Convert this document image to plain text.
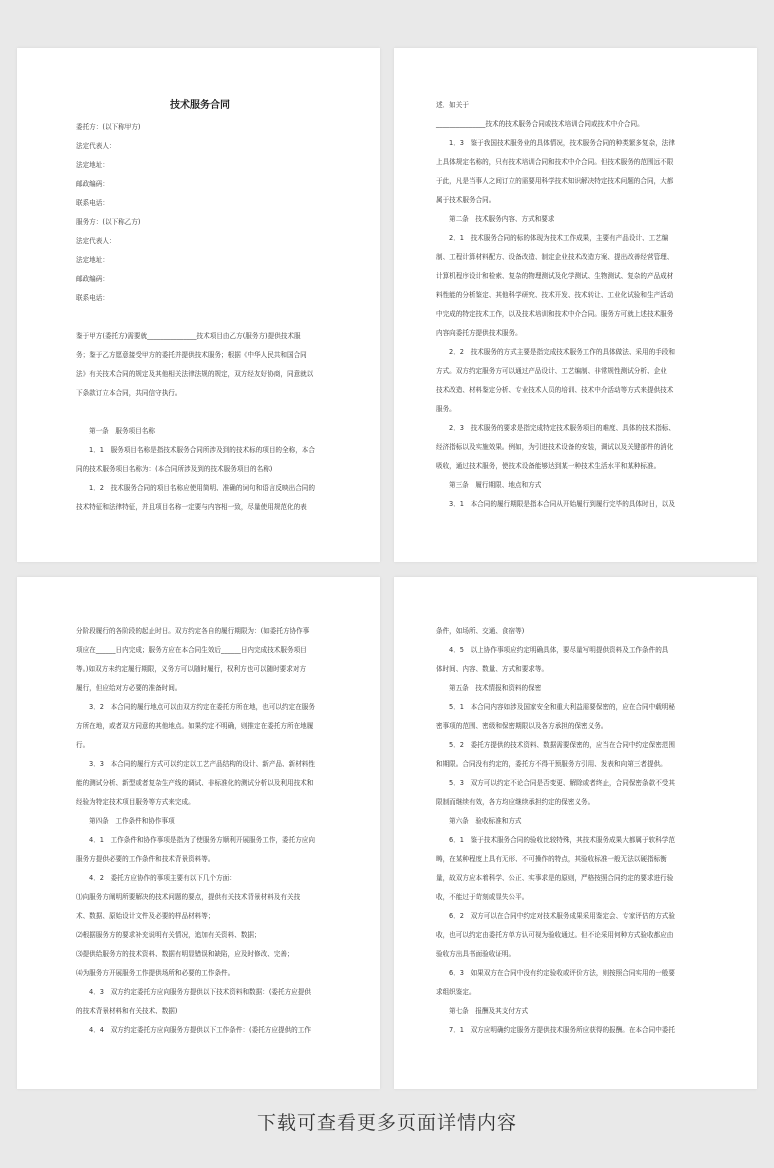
技术服务合同

委托方：(以下称甲方)

法定代表人：

法定地址：

邮政编码：

联系电话：

服务方：(以下称乙方)

法定代表人：

法定地址：

邮政编码：

联系电话：

鉴于甲方(委托方)需要就_______________技术项目由乙方(服务方)提供技术服

务；鉴于乙方愿意接受甲方的委托并提供技术服务；根据《中华人民共和国合同

法》有关技术合同的规定及其他相关法律法规的规定，双方经友好协商，同意就以

下条款订立本合同，共同信守执行。

第一条　服务项目名称

1．1　服务项目名称是指技术服务合同所涉及到的技术标的项目的全称，本合

同的技术服务项目名称为：(本合同所涉及到的技术服务项目的名称)

1．2　技术服务合同的项目名称应使用简明、准确的词句和语言反映出合同的

技术特征和法律特征，并且项目名称一定要与内容相一致，尽量使用规范化的表

述．如关于

_______________技术的技术服务合同或技术培训合同或技术中介合同。

1．3　鉴于我国技术服务业的具体情况，技术服务合同的种类繁多复杂，法律

上具体规定名称的，只有技术培训合同和技术中介合同。但技术服务的范围远不限

于此，凡是当事人之间订立的需要用科学技术知识解决特定技术问题的合同，大都

属于技术服务合同。

第二条　技术服务内容、方式和要求

2．1　技术服务合同的标的体现为技术工作成果，主要有产品设计、工艺编

制、工程计算材料配方、设备改造、制定企业技术改造方案、提出改善经营管理、

计算机程序设计和检索、复杂的物理测试及化学测试、生物测试、复杂的产品成材

料性能的分析鉴定、其他科学研究、技术开发、技术转让、工业化试验和生产活动

中完成的特定技术工作，以及技术培训和技术中介合同。服务方可就上述技术服务

内容向委托方提供技术服务。

2．2　技术服务的方式主要是指完成技术服务工作的具体做法、采用的手段和

方式。双方约定服务方可以通过产品设计、工艺编制、非常规性测试分析、企业

技术改造、材料鉴定分析、专业技术人员的培训、技术中介活动等方式来提供技术

服务。

2．3　技术服务的要求是指完成特定技术服务项目的难度、具体的技术指标、

经济指标以及实施效果。例如，为引进技术设备的安装，调试以及关键部件的消化

吸收，通过技术服务，使技术设备能够达到某一种技术生活水平和某种标准。

第三条　履行期限、地点和方式

3．1　本合同的履行期限是指本合同从开始履行到履行完毕的具体时日，以及

分阶段履行的各阶段的起止时日。双方约定各自的履行期限为：(如委托方协作事

项应在______日内完成；服务方应在本合同生效后______日内完成技术服务项目

等。)如双方未约定履行期限，义务方可以随时履行，权利方也可以随时要求对方

履行，但应给对方必要的准备时间。

3．2　本合同的履行地点可以由双方约定在委托方所在地，也可以约定在服务

方所在地，或者双方同意的其他地点。如果约定不明确，则推定在委托方所在地履

行。

3．3　本合同的履行方式可以约定以工艺产品结构的设计、新产品、新材料性

能的测试分析、新型或者复杂生产线的调试、非标准化的测试分析以及利用技术和

经验为特定技术项目服务等方式来完成。

第四条　工作条件和协作事项

4．1　工作条件和协作事项是指为了使服务方顺利开展服务工作，委托方应向

服务方提供必要的工作条件和技术背景资料等。

4．2　委托方应协作的事项主要有以下几个方面：

⑴向服务方阐明所要解决的技术问题的要点，提供有关技术背景材料及有关技

术、数据、原始设计文件及必要的样品材料等；

⑵根据服务方的要求补充说明有关情况，追加有关资料、数据；

⑶提供给服务方的技术资料、数据有明显错误和缺陷，应及时修改、完善；

⑷为服务方开展服务工作提供场所和必要的工作条件。

4．3　双方约定委托方应向服务方提供以下技术资料和数据：(委托方应提供

的技术背景材料和有关技术、数据)

4．4　双方约定委托方应向服务方提供以下工作条件：(委托方应提供的工作

条件，如场所、交通、食宿等)

4．5　以上协作事项应约定明确具体，要尽量写明提供资料及工作条件的具

体时间、内容、数量、方式和要求等。

第五条　技术情报和资料的保密

5．1　本合同内容如涉及国家安全和重大利益需要保密的，应在合同中载明秘

密事项的范围、密级和保密期限以及各方承担的保密义务。

5．2　委托方提供的技术资料、数据需要保密的，应当在合同中约定保密范围

和期限。合同没有约定的，委托方不得干预服务方引用、发表和向第三者提供。

5．3　双方可以约定不论合同是否变更、解除或者终止，合同保密条款不受其

限制而继续有效，各方均应继续承担约定的保密义务。

第六条　验收标准和方式

6．1　鉴于技术服务合同的验收比较特殊，其技术服务成果大都属于软科学范

畴，在某种程度上具有无形、不可操作的特点，其验收标准一般无法以硬指标衡

量，故双方应本着科学、公正、实事求是的原则，严格按照合同约定的要求进行验

收，不能过于苛刻或显失公平。

6．2　双方可以在合同中约定对技术服务成果采用鉴定会、专家评估的方式验

收，也可以约定由委托方单方认可视为验收通过。但不论采用何种方式验收都应由

验收方出具书面验收证明。

6．3　如果双方在合同中没有约定验收或评价方法，则按照合同实用的一般要

求组织鉴定。

第七条　报酬及其支付方式

7．1　双方应明确约定服务方提供技术服务所应获得的报酬。在本合同中委托

下载可查看更多页面详情内容
